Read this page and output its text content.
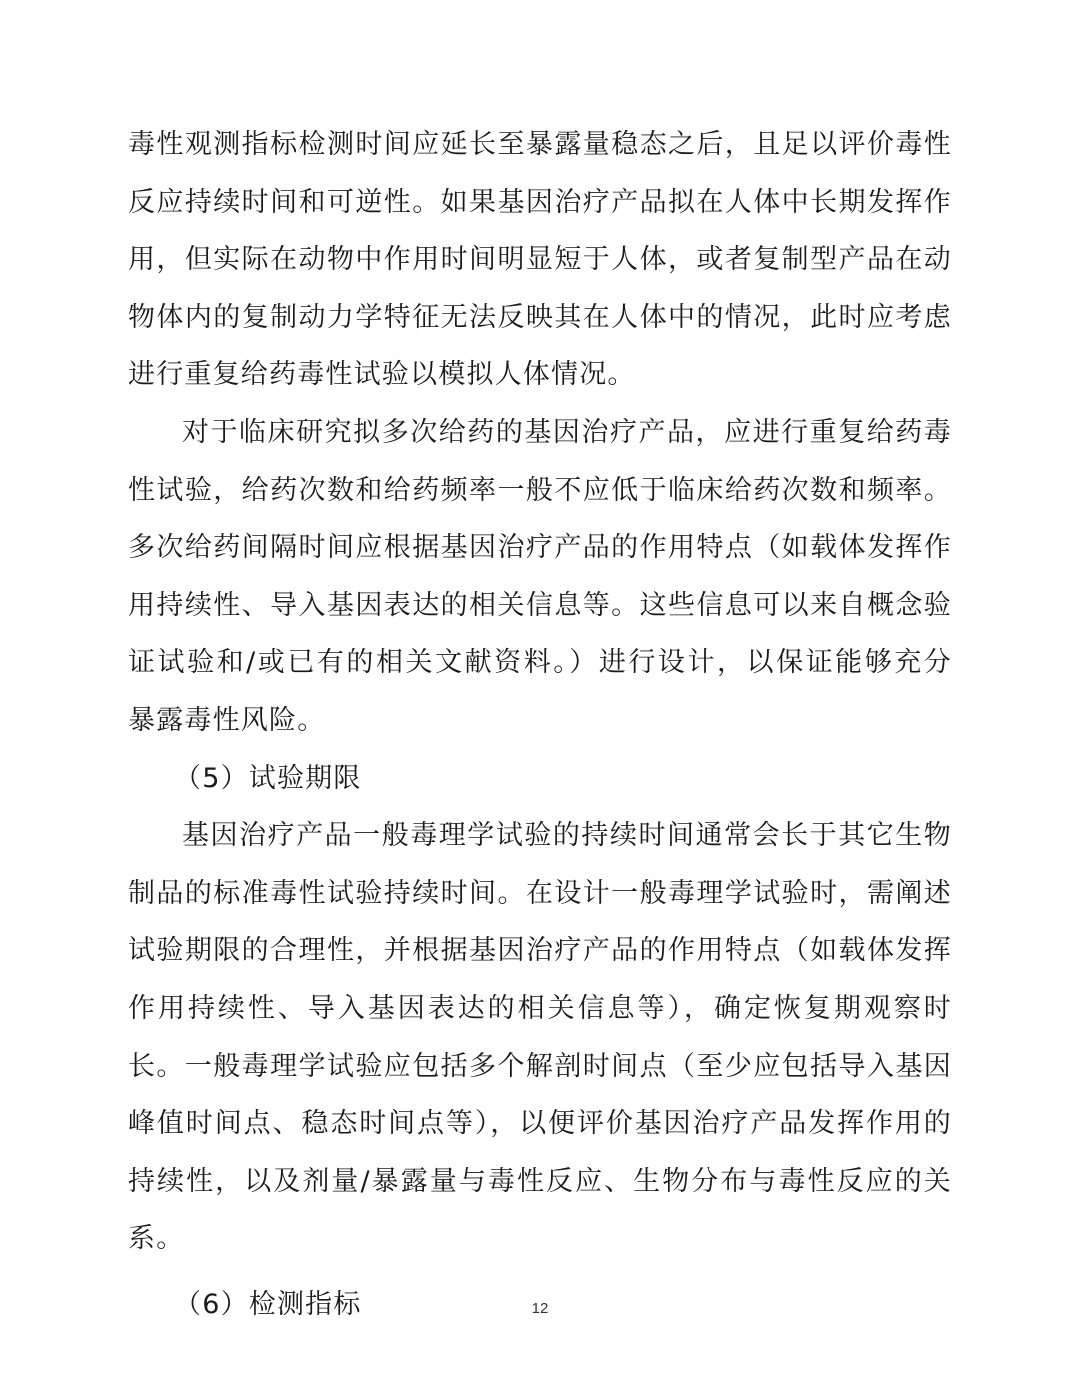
毒性观测指标检测时间应延长至暴露量稳态之后，且足以评价毒性
反应持续时间和可逆性。如果基因治疗产品拟在人体中长期发挥作
用，但实际在动物中作用时间明显短于人体，或者复制型产品在动
物体内的复制动力学特征无法反映其在人体中的情况，此时应考虑
进行重复给药毒性试验以模拟人体情况。
对于临床研究拟多次给药的基因治疗产品，应进行重复给药毒
性试验，给药次数和给药频率一般不应低于临床给药次数和频率。
多次给药间隔时间应根据基因治疗产品的作用特点（如载体发挥作
用持续性、导入基因表达的相关信息等。这些信息可以来自概念验
证试验和/或已有的相关文献资料。）进行设计，以保证能够充分
暴露毒性风险。
（5）试验期限
基因治疗产品一般毒理学试验的持续时间通常会长于其它生物
制品的标准毒性试验持续时间。在设计一般毒理学试验时，需阐述
试验期限的合理性，并根据基因治疗产品的作用特点（如载体发挥
作用持续性、导入基因表达的相关信息等），确定恢复期观察时
长。一般毒理学试验应包括多个解剖时间点（至少应包括导入基因
峰值时间点、稳态时间点等），以便评价基因治疗产品发挥作用的
持续性，以及剂量/暴露量与毒性反应、生物分布与毒性反应的关
系。
（6）检测指标	12
